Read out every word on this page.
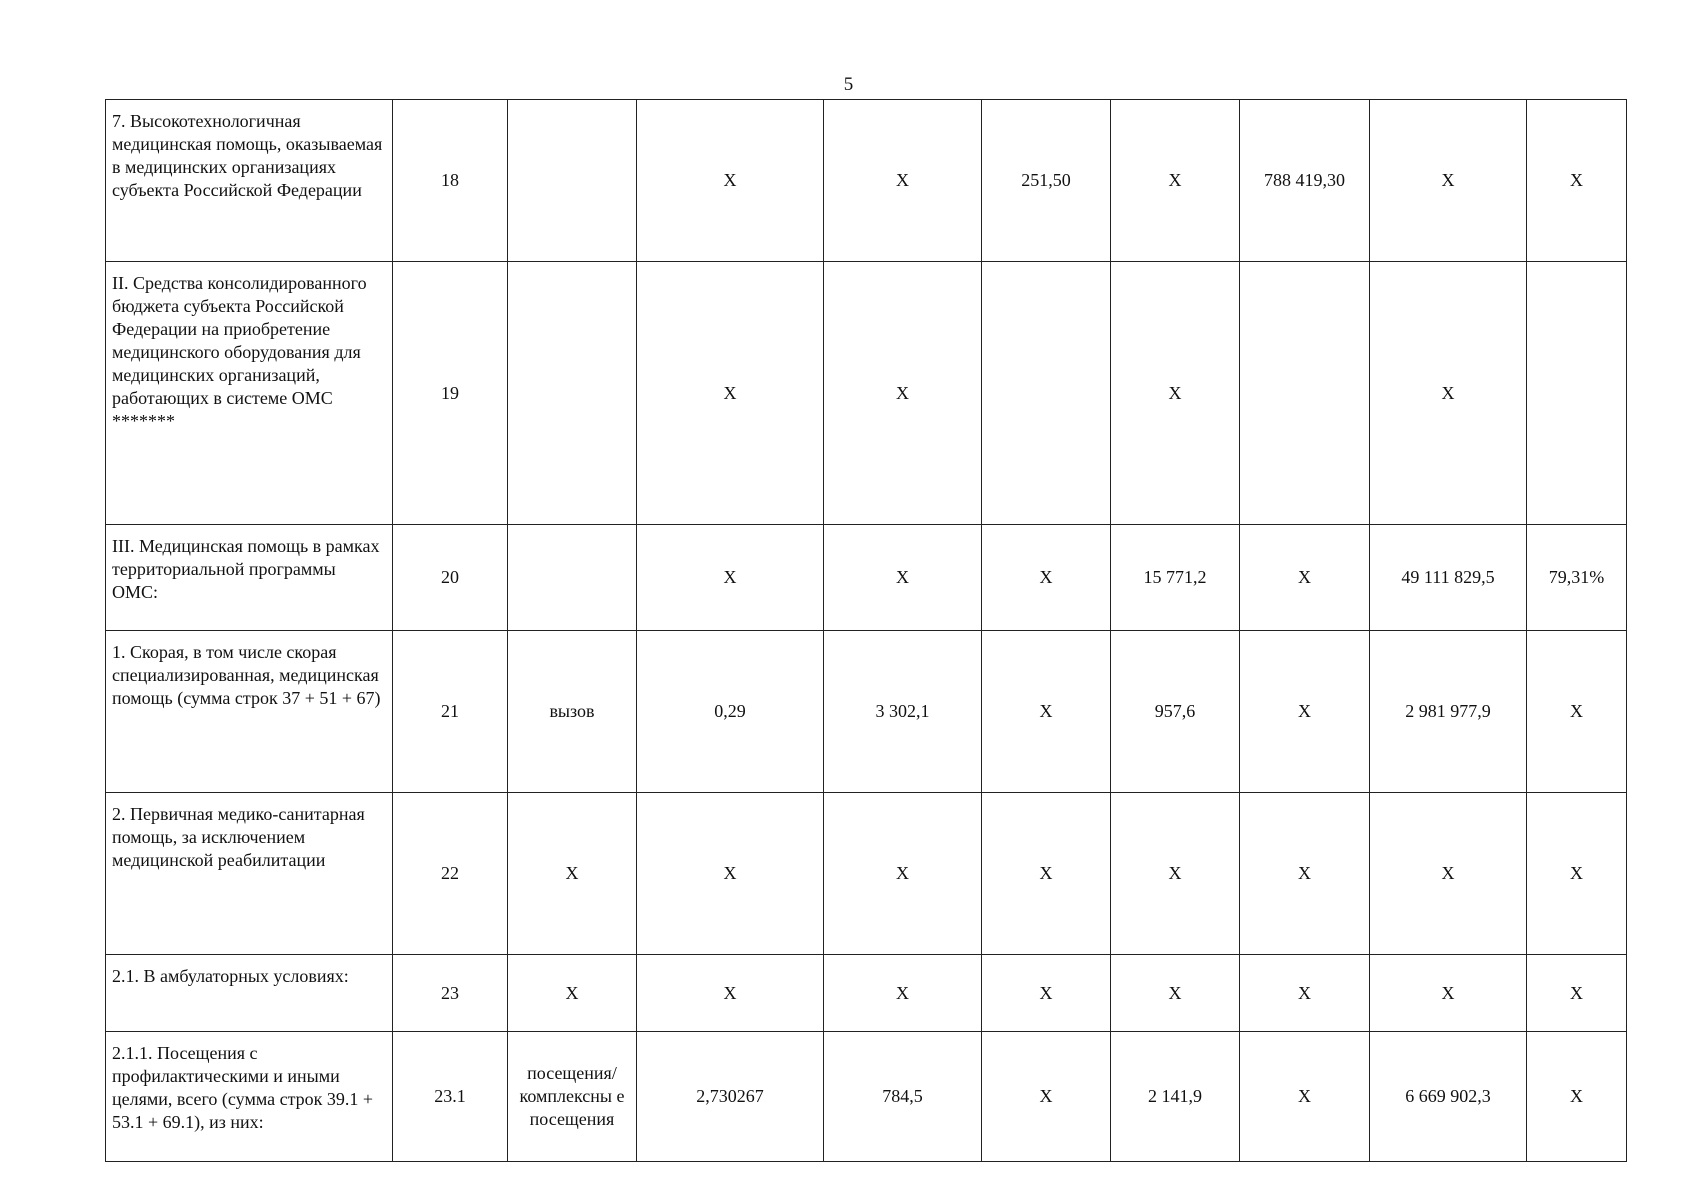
5
7. Высокотехнологичная медицинская помощь, оказываемая в медицинских организациях субъекта Российской Федерации	18		X	X	251,50	X	788 419,30	X	X
II. Средства консолидированного бюджета субъекта Российской Федерации на приобретение медицинского оборудования для медицинских организаций, работающих в системе ОМС *******	19		X	X		X		X	
III. Медицинская помощь в рамках территориальной программы ОМС:	20		X	X	X	15 771,2	X	49 111 829,5	79,31%
1. Скорая, в том числе скорая специализированная, медицинская помощь (сумма строк 37 + 51 + 67)	21	вызов	0,29	3 302,1	X	957,6	X	2 981 977,9	X
2. Первичная медико-санитарная помощь, за исключением медицинской реабилитации	22	X	X	X	X	X	X	X	X
2.1. В амбулаторных условиях:	23	X	X	X	X	X	X	X	X
2.1.1. Посещения с профилактическими и иными целями, всего (сумма строк 39.1 + 53.1 + 69.1), из них:	23.1	посещения/ комплексны е посещения	2,730267	784,5	X	2 141,9	X	6 669 902,3	X
